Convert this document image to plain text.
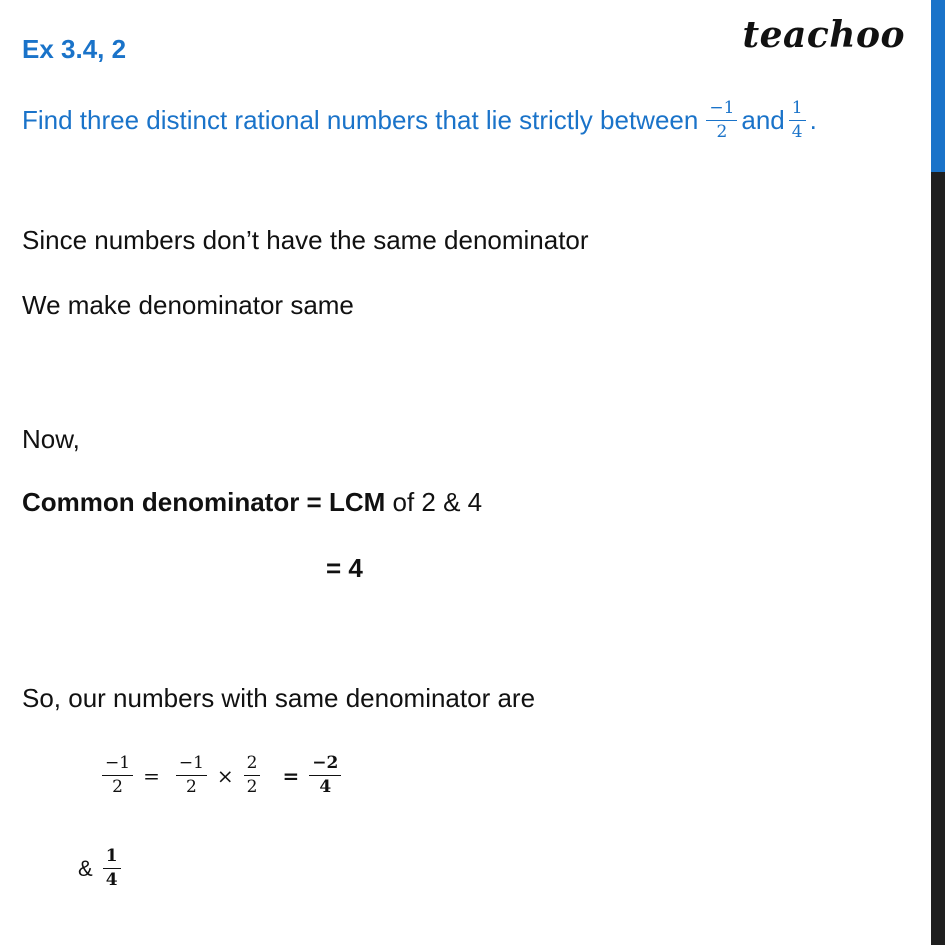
Ex 3.4, 2	teachoo
Find three distinct rational numbers that lie strictly between $\frac{-1}{2}$ and $\frac{1}{4}$ .
Since numbers don’t have the same denominator
We make denominator same
Now,
Common denominator = LCM of 2 & 4
= 4
So, our numbers with same denominator are
$\frac{-1}{2} = \frac{-1}{2} \times \frac{2}{2} = \frac{-2}{4}$
& $\frac{1}{4}$
